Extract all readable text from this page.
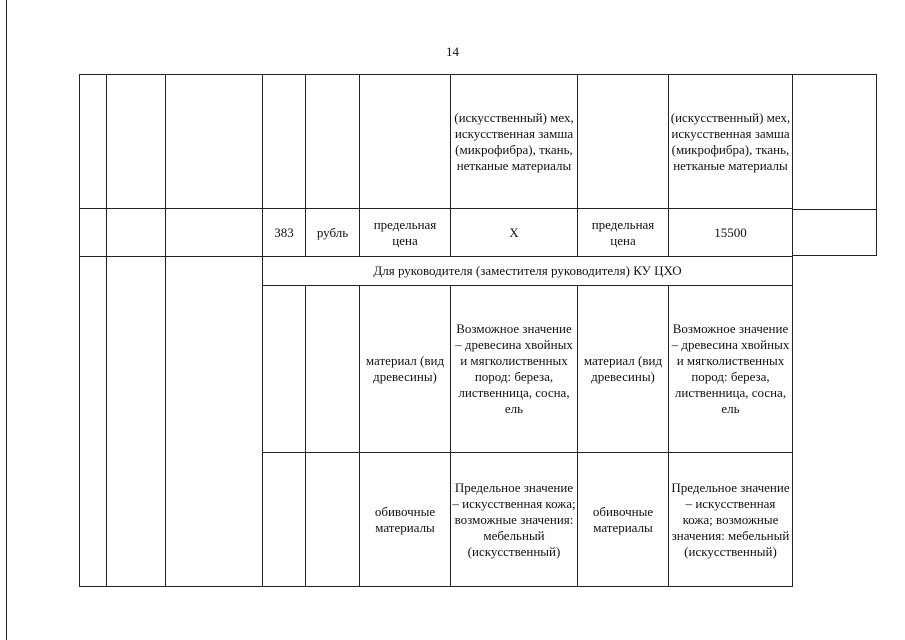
14
						(искусственный) мех, искусственная замша (микрофибра), ткань, нетканые материалы		(искусственный) мех, искусственная замша (микрофибра), ткань, нетканые материалы
			383	рубль	предельная цена	X	предельная цена	15500
			Для руководителя (заместителя руководителя) КУ ЦХО					
					материал (вид древесины)	Возможное значение – древесина хвойных и мягколиственных пород: береза, лиственница, сосна, ель	материал (вид древесины)	Возможное значение – древесина хвойных и мягколиственных пород: береза, лиственница, сосна, ель
					обивочные материалы	Предельное значение – искусственная кожа; возможные значения: мебельный (искусственный)	обивочные материалы	Предельное значение – искусственная кожа; возможные значения: мебельный (искусственный)
